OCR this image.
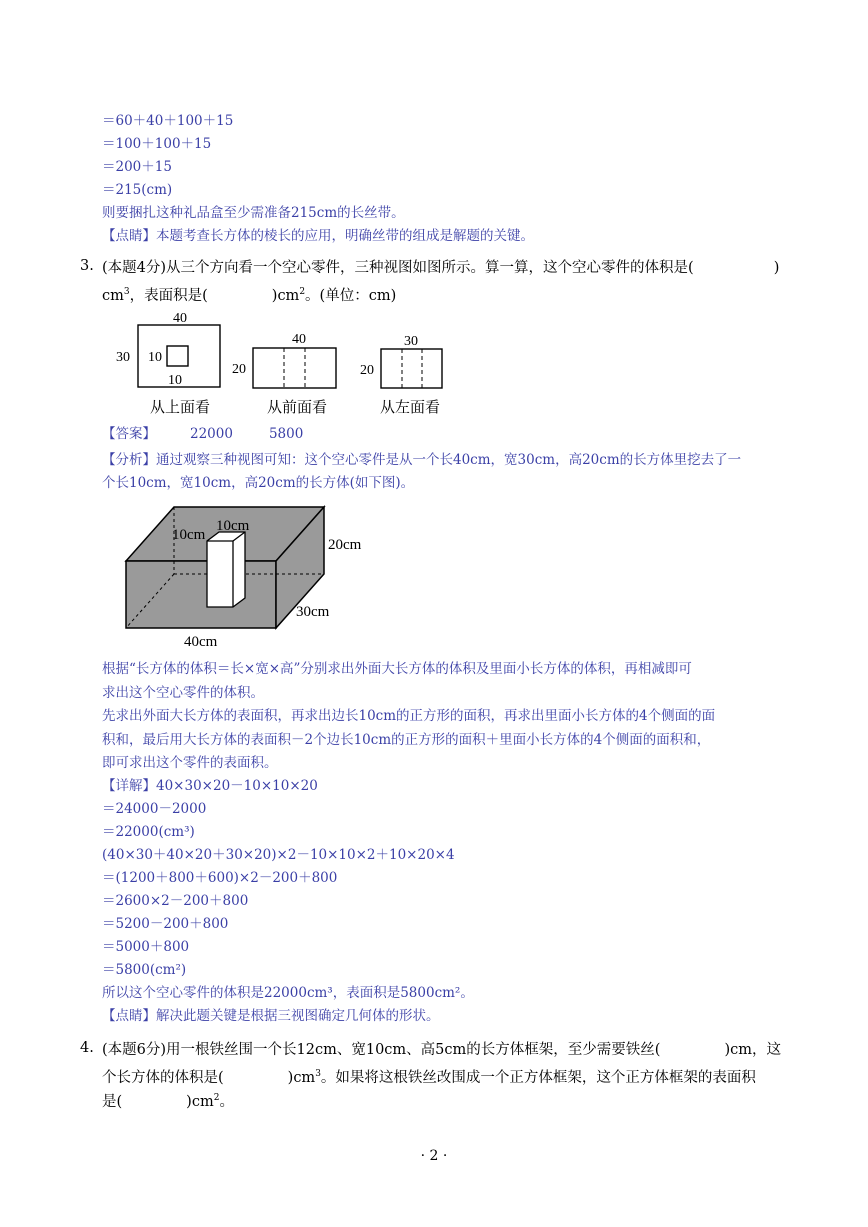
＝60＋40＋100＋15
＝100＋100＋15
＝200＋15
＝215(cm)
则要捆扎这种礼品盒至少需准备215cm的长丝带。
【点睛】本题考查长方体的棱长的应用，明确丝带的组成是解题的关键。
3. (本题4分)从三个方向看一个空心零件，三种视图如图所示。算一算，这个空心零件的体积是(	)
$cm^3$，表面积是(	)$cm^2$。(单位：cm)
40
30 10
10
从上面看
40
20
从前面看
30
20
从左面看
【答案】	22000	5800
【分析】通过观察三种视图可知：这个空心零件是从一个长40cm，宽30cm，高20cm的长方体里挖去了一
个长10cm，宽10cm，高20cm的长方体(如下图)。
10cm
10cm
20cm
30cm
40cm
根据“长方体的体积＝长×宽×高”分别求出外面大长方体的体积及里面小长方体的体积，再相减即可
求出这个空心零件的体积。
先求出外面大长方体的表面积，再求出边长10cm的正方形的面积，再求出里面小长方体的4个侧面的面
积和，最后用大长方体的表面积－2个边长10cm的正方形的面积＋里面小长方体的4个侧面的面积和，
即可求出这个零件的表面积。
【详解】40×30×20－10×10×20
＝24000－2000
＝22000(cm³)
(40×30＋40×20＋30×20)×2－10×10×2＋10×20×4
＝(1200＋800＋600)×2－200＋800
＝2600×2－200＋800
＝5200－200＋800
＝5000＋800
＝5800(cm²)
所以这个空心零件的体积是22000cm³，表面积是5800cm²。
【点睛】解决此题关键是根据三视图确定几何体的形状。
4. (本题6分)用一根铁丝围一个长12cm、宽10cm、高5cm的长方体框架，至少需要铁丝(	)cm，这
个长方体的体积是(	)$cm^3$。如果将这根铁丝改围成一个正方体框架，这个正方体框架的表面积
是(	)$cm^2$。
· 2 ·
